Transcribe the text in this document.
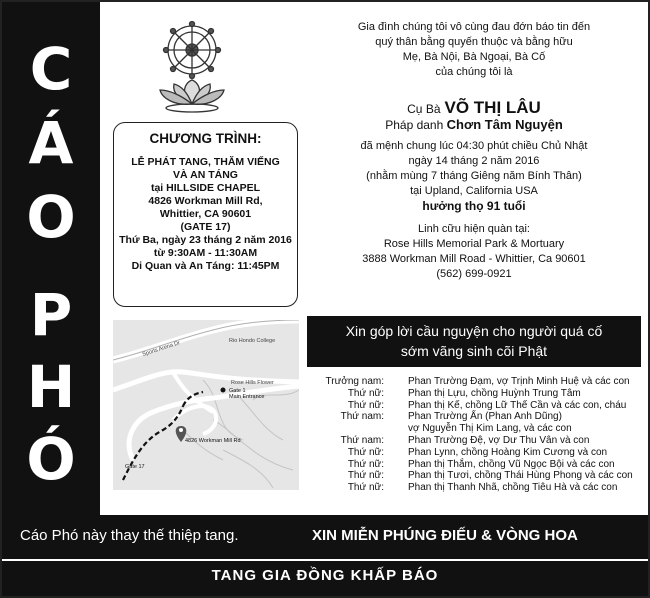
C
Á
O
P
H
Ó
CHƯƠNG TRÌNH:
LỄ PHÁT TANG, THĂM VIẾNG
VÀ AN TÁNG
tại HILLSIDE CHAPEL
4826 Workman Mill Rd,
Whittier, CA 90601
(GATE 17)
Thứ Ba, ngày 23 tháng 2 năm 2016
từ 9:30AM - 11:30AM
Di Quan và An Táng: 11:45PM
Sports Arena Dr	Rio Hondo College
Rose Hills Flower
Gate 1
Main Entrance
Gate 17
4826 Workman Mill Rd
Gia đình chúng tôi vô cùng đau đớn báo tin đến
quý thân bằng quyến thuộc và bằng hữu
Mẹ, Bà Nội, Bà Ngoại, Bà Cố
của chúng tôi là
Cụ Bà VÕ THỊ LÂU
Pháp danh Chơn Tâm Nguyện
đã mệnh chung lúc 04:30 phút chiều Chủ Nhật
ngày 14 tháng 2 năm 2016
(nhằm mùng 7 tháng Giêng năm Bính Thân)
tại Upland, California USA
hưởng thọ 91 tuổi
Linh cữu hiện quàn tại:
Rose Hills Memorial Park & Mortuary
3888 Workman Mill Road - Whittier, Ca 90601
(562) 699-0921
Xin góp lời cầu nguyện cho người quá cố
sớm vãng sinh cõi Phật
Trưởng nam: Phan Trường Đạm, vợ Trịnh Minh Huệ và các con
Thứ nữ: Phan thị Lựu, chồng Huỳnh Trung Tâm
Thứ nữ: Phan thị Kế, chồng Lữ Thế Cần và các con, cháu
Thứ nam: Phan Trường Ẩn (Phan Anh Dũng)
vợ Nguyễn Thị Kim Lang, và các con
Thứ nam: Phan Trường Đệ, vợ Dư Thu Vân và con
Thứ nữ: Phan Lynn, chồng Hoàng Kim Cương và con
Thứ nữ: Phan thị Thắm, chồng Vũ Ngọc Bội và các con
Thứ nữ: Phan thị Tươi, chồng Thái Hùng Phong và các con
Thứ nữ: Phan thị Thanh Nhã, chồng Tiêu Hà và các con
Cáo Phó này thay thế thiệp tang.	XIN MIỄN PHÚNG ĐIẾU & VÒNG HOA
TANG GIA ĐỒNG KHẤP BÁO
